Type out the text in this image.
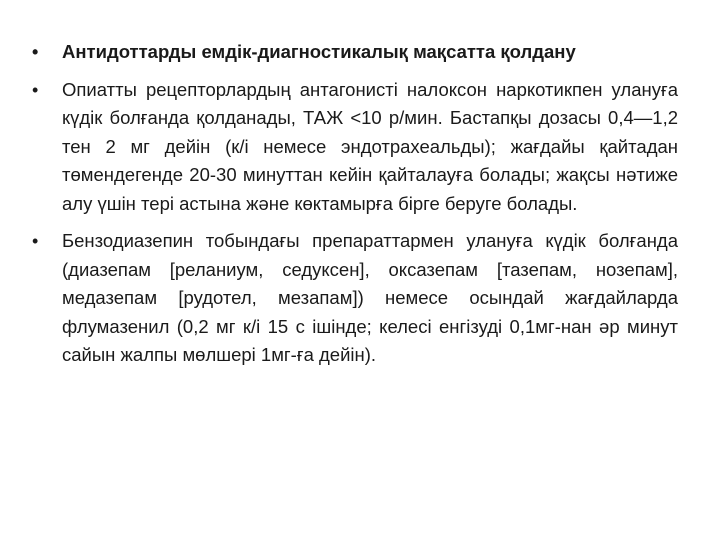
•	Антидоттарды емдік-диагностикалық мақсатта қолдану
•	Опиатты рецепторлардың антагонисті налоксон наркотикпен улануға күдік болғанда қолданады, ТАЖ <10 р/мин. Бастапқы дозасы 0,4—1,2 тен 2 мг дейін (к/і немесе эндотрахеальды); жағдайы қайтадан төмендегенде 20-30 минуттан кейін қайталауға болады; жақсы нәтиже алу үшін тері астына және көктамырға бірге беруге болады.
•	Бензодиазепин тобындағы препараттармен улануға күдік болғанда (диазепам [реланиум, седуксен], оксазепам [тазепам, нозепам], медазепам [рудотел, мезапам]) немесе осындай жағдайларда флумазенил (0,2 мг к/і 15 с ішінде; келесі енгізуді 0,1мг-нан әр минут сайын жалпы мөлшері 1мг-ға дейін).
